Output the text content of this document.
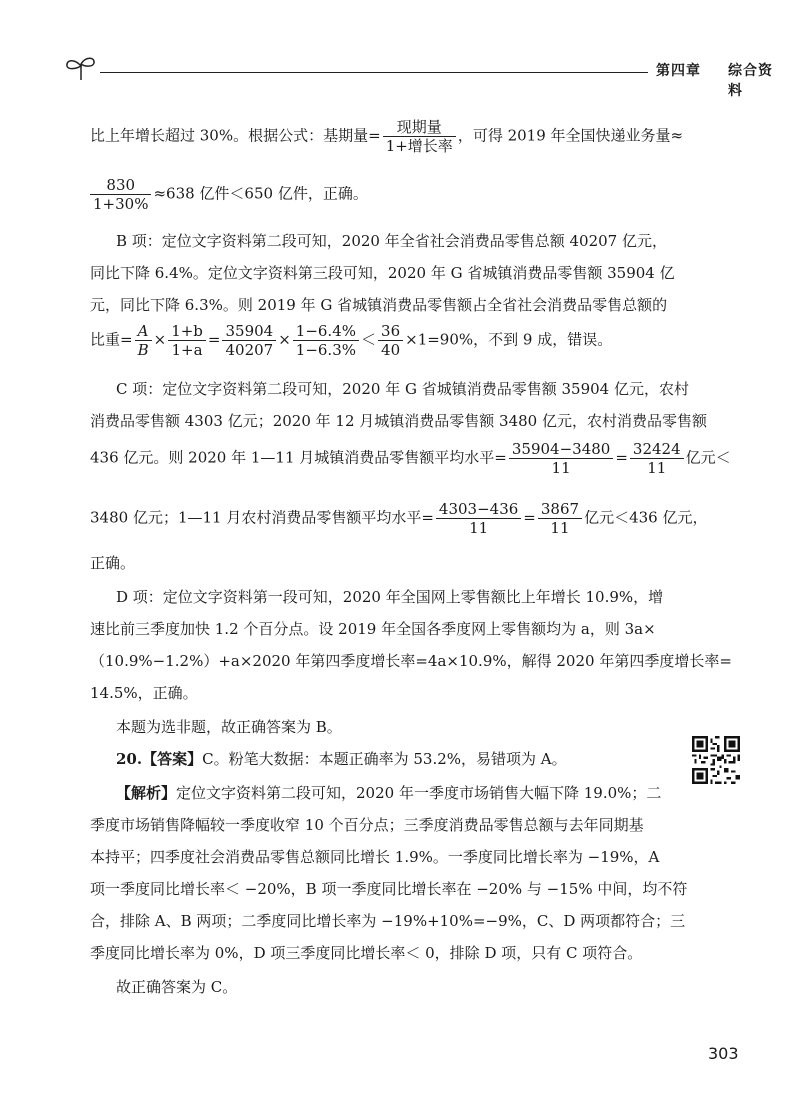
第四章 综合资料
比上年增长超过 30%。根据公式：基期量= $\frac{\text{现期量}}{\text{1+增长率}}$ ，可得 2019 年全国快递业务量≈
$\frac{830}{1+30\%} \approx 638$ 亿件＜650 亿件，正确。
B 项：定位文字资料第二段可知，2020 年全省社会消费品零售总额 40207 亿元，
同比下降 6.4%。定位文字资料第三段可知，2020 年 G 省城镇消费品零售额 35904 亿
元，同比下降 6.3%。则 2019 年 G 省城镇消费品零售额占全省社会消费品零售总额的
比重= $\frac{A}{B} \times \frac{1+b}{1+a} = \frac{35904}{40207} \times \frac{1-6.4\%}{1-6.3\%} < \frac{36}{40} \times 1=90\%$，不到 9 成，错误。
C 项：定位文字资料第二段可知，2020 年 G 省城镇消费品零售额 35904 亿元，农村
消费品零售额 4303 亿元；2020 年 12 月城镇消费品零售额 3480 亿元，农村消费品零售额
436 亿元。则 2020 年 1—11 月城镇消费品零售额平均水平= $\frac{35904-3480}{11} = \frac{32424}{11}$ 亿元＜
3480 亿元；1—11 月农村消费品零售额平均水平= $\frac{4303-436}{11} = \frac{3867}{11}$ 亿元＜436 亿元，
正确。
D 项：定位文字资料第一段可知，2020 年全国网上零售额比上年增长 10.9%，增
速比前三季度加快 1.2 个百分点。设 2019 年全国各季度网上零售额均为 a，则 3a×
（10.9%−1.2%）+a×2020 年第四季度增长率=4a×10.9%，解得 2020 年第四季度增长率=
14.5%，正确。
本题为选非题，故正确答案为 B。
20.【答案】C。粉笔大数据：本题正确率为 53.2%，易错项为 A。
【解析】定位文字资料第二段可知，2020 年一季度市场销售大幅下降 19.0%；二
季度市场销售降幅较一季度收窄 10 个百分点；三季度消费品零售总额与去年同期基
本持平；四季度社会消费品零售总额同比增长 1.9%。一季度同比增长率为 −19%，A
项一季度同比增长率＜ −20%，B 项一季度同比增长率在 −20% 与 −15% 中间，均不符
合，排除 A、B 两项；二季度同比增长率为 −19%+10%=−9%，C、D 两项都符合；三
季度同比增长率为 0%，D 项三季度同比增长率＜ 0，排除 D 项，只有 C 项符合。
故正确答案为 C。
303
